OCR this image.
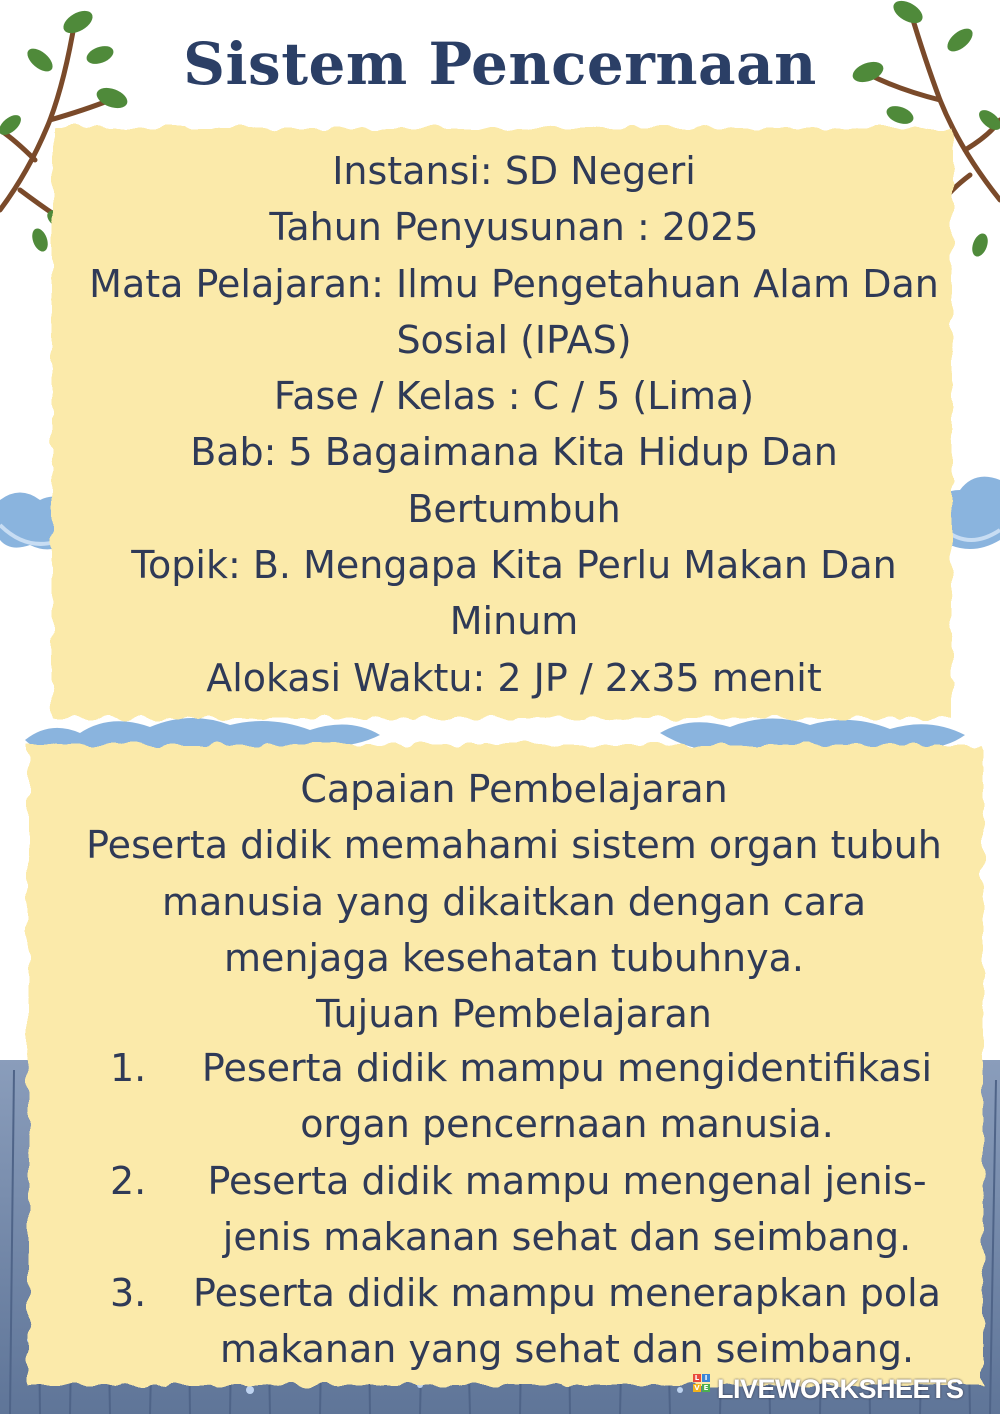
Sistem Pencernaan
Instansi: SD Negeri
Tahun Penyusunan : 2025
Mata Pelajaran: Ilmu Pengetahuan Alam Dan
Sosial (IPAS)
Fase / Kelas : C / 5 (Lima)
Bab: 5 Bagaimana Kita Hidup Dan
Bertumbuh
Topik: B. Mengapa Kita Perlu Makan Dan
Minum
Alokasi Waktu: 2 JP / 2x35 menit
Capaian Pembelajaran
Peserta didik memahami sistem organ tubuh
manusia yang dikaitkan dengan cara
menjaga kesehatan tubuhnya.
Tujuan Pembelajaran
1.	Peserta didik mampu mengidentifikasi
organ pencernaan manusia.
2.	Peserta didik mampu mengenal jenis-
jenis makanan sehat dan seimbang.
3.	Peserta didik mampu menerapkan pola
makanan yang sehat dan seimbang.
L I
V E LIVEWORKSHEETS
